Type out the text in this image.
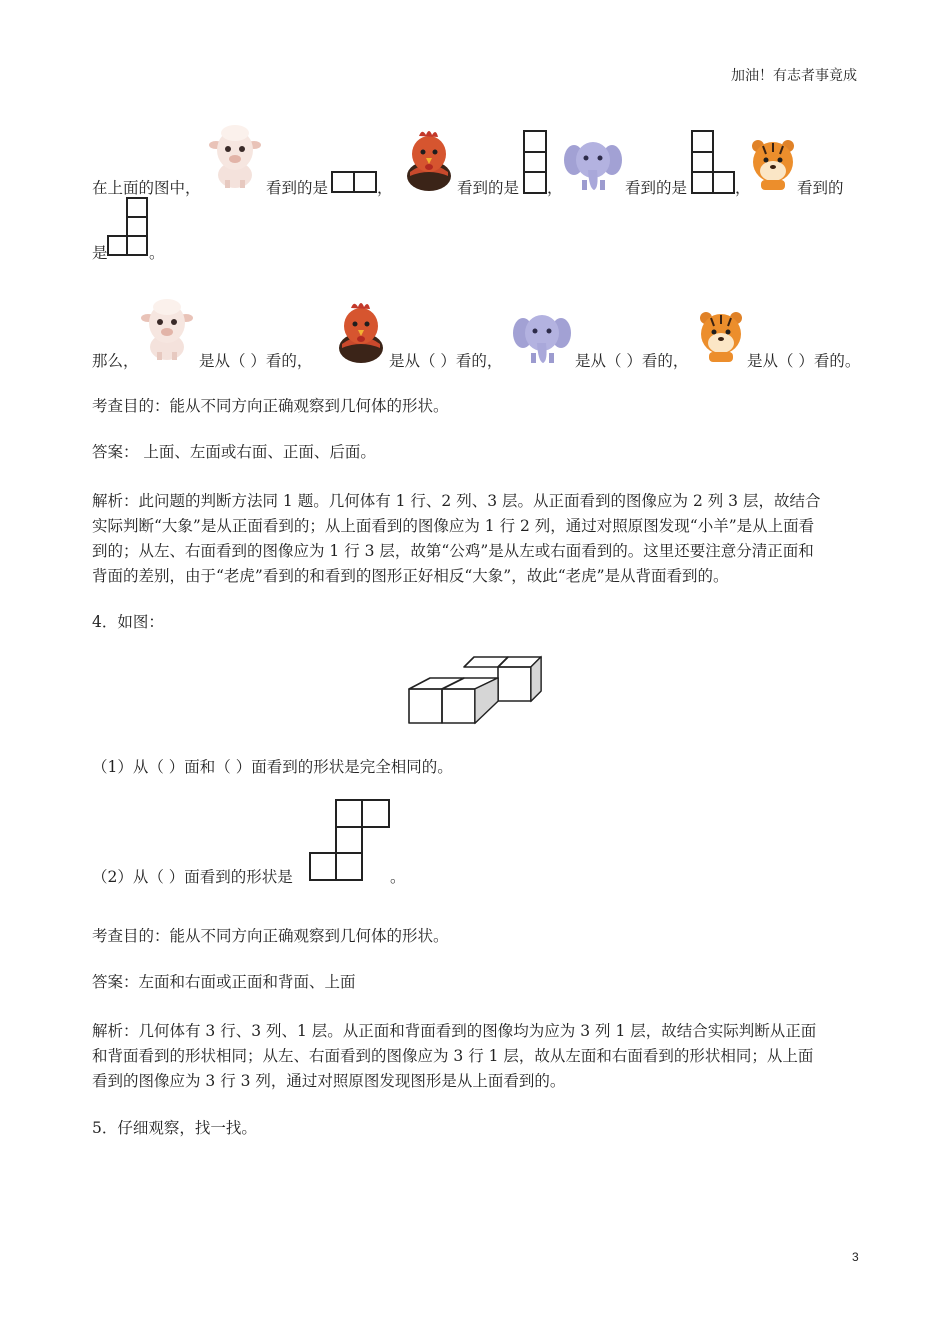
加油！有志者事竟成
在上面的图中，	看到的是	，	看到的是 ，	看到的是	，	看到的
是	。
那么，	是从（ ）看的，	是从（ ）看的，	是从（ ）看的，	是从（ ）看的。
考查目的：能从不同方向正确观察到几何体的形状。
答案： 上面、左面或右面、正面、后面。
解析：此问题的判断方法同 1 题。几何体有 1 行、2 列、3 层。从正面看到的图像应为 2 列 3 层，故结合
实际判断“大象”是从正面看到的；从上面看到的图像应为 1 行 2 列，通过对照原图发现“小羊”是从上面看
到的；从左、右面看到的图像应为 1 行 3 层，故第“公鸡”是从左或右面看到的。这里还要注意分清正面和
背面的差别，由于“老虎”看到的和看到的图形正好相反“大象”，故此“老虎”是从背面看到的。
4．如图：
（1）从（ ）面和（ ）面看到的形状是完全相同的。
（2）从（ ）面看到的形状是	。
考查目的：能从不同方向正确观察到几何体的形状。
答案：左面和右面或正面和背面、上面
解析：几何体有 3 行、3 列、1 层。从正面和背面看到的图像均为应为 3 列 1 层，故结合实际判断从正面
和背面看到的形状相同；从左、右面看到的图像应为 3 行 1 层，故从左面和右面看到的形状相同；从上面
看到的图像应为 3 行 3 列，通过对照原图发现图形是从上面看到的。
5．仔细观察，找一找。
3
